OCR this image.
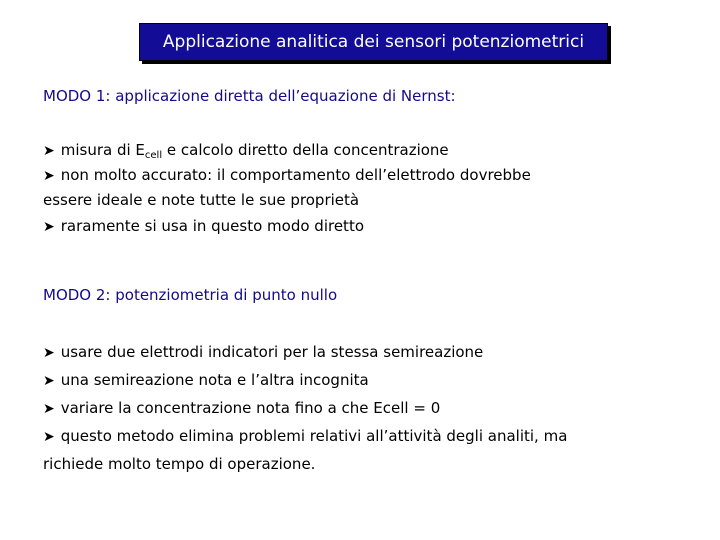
Applicazione analitica dei sensori potenziometrici
MODO 1: applicazione diretta dell’equazione di Nernst:
➤ misura di $E_{cell}$ e calcolo diretto della concentrazione
➤ non molto accurato: il comportamento dell’elettrodo dovrebbe
essere ideale e note tutte le sue proprietà
➤ raramente si usa in questo modo diretto
MODO 2: potenziometria di punto nullo
➤ usare due elettrodi indicatori per la stessa semireazione
➤ una semireazione nota e l’altra incognita
➤ variare la concentrazione nota fino a che Ecell = 0
➤ questo metodo elimina problemi relativi all’attività degli analiti, ma
richiede molto tempo di operazione.
